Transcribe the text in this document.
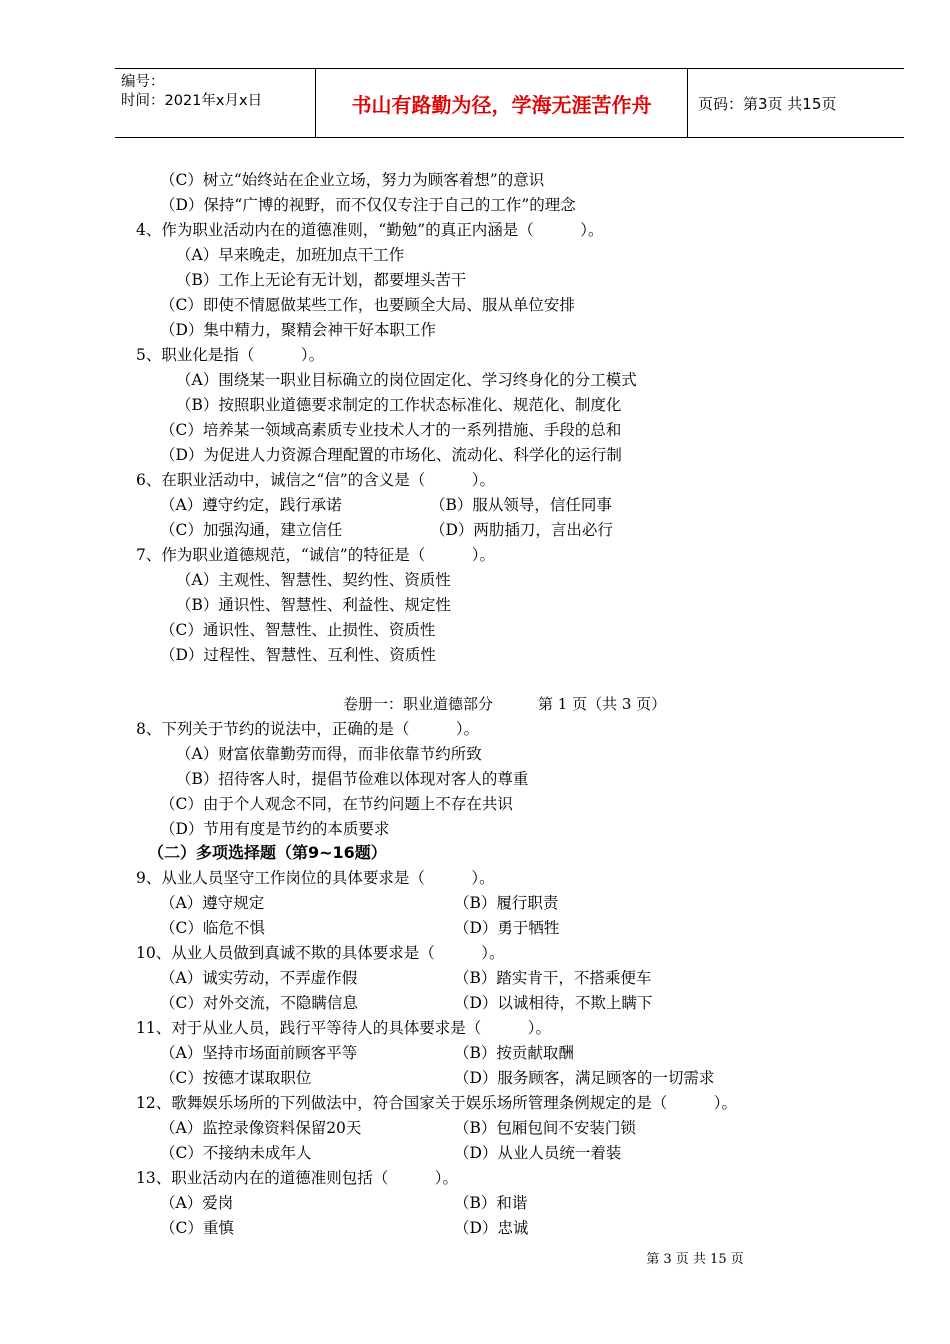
编号：
时间：2021年x月x日	书山有路勤为径，学海无涯苦作舟	页码：第3页 共15页
（C）树立“始终站在企业立场，努力为顾客着想”的意识
（D）保持“广博的视野，而不仅仅专注于自己的工作”的理念
4、作为职业活动内在的道德准则，“勤勉”的真正内涵是（　　　）。
（A）早来晚走，加班加点干工作
（B）工作上无论有无计划，都要埋头苦干
（C）即使不情愿做某些工作，也要顾全大局、服从单位安排
（D）集中精力，聚精会神干好本职工作
5、职业化是指（　　　）。
（A）围绕某一职业目标确立的岗位固定化、学习终身化的分工模式
（B）按照职业道德要求制定的工作状态标准化、规范化、制度化
（C）培养某一领域高素质专业技术人才的一系列措施、手段的总和
（D）为促进人力资源合理配置的市场化、流动化、科学化的运行制
6、在职业活动中，诚信之“信”的含义是（　　　）。
（A）遵守约定，践行承诺	（B）服从领导，信任同事
（C）加强沟通，建立信任	（D）两肋插刀，言出必行
7、作为职业道德规范，“诚信”的特征是（　　　）。
（A）主观性、智慧性、契约性、资质性
（B）通识性、智慧性、利益性、规定性
（C）通识性、智慧性、止损性、资质性
（D）过程性、智慧性、互利性、资质性
卷册一：职业道德部分　　　第 1 页（共 3 页）
8、下列关于节约的说法中，正确的是（　　　）。
（A）财富依靠勤劳而得，而非依靠节约所致
（B）招待客人时，提倡节俭难以体现对客人的尊重
（C）由于个人观念不同，在节约问题上不存在共识
（D）节用有度是节约的本质要求
（二）多项选择题（第9~16题）
9、从业人员坚守工作岗位的具体要求是（　　　）。
（A）遵守规定	（B）履行职责
（C）临危不惧	（D）勇于牺牲
10、从业人员做到真诚不欺的具体要求是（　　　）。
（A）诚实劳动，不弄虚作假	（B）踏实肯干，不搭乘便车
（C）对外交流，不隐瞒信息	（D）以诚相待，不欺上瞒下
11、对于从业人员，践行平等待人的具体要求是（　　　）。
（A）坚持市场面前顾客平等	（B）按贡献取酬
（C）按德才谋取职位	（D）服务顾客，满足顾客的一切需求
12、歌舞娱乐场所的下列做法中，符合国家关于娱乐场所管理条例规定的是（　　　）。
（A）监控录像资料保留20天	（B）包厢包间不安装门锁
（C）不接纳未成年人	（D）从业人员统一着装
13、职业活动内在的道德准则包括（　　　）。
（A）爱岗	（B）和谐
（C）重慎	（D）忠诚
第 3 页 共 15 页
